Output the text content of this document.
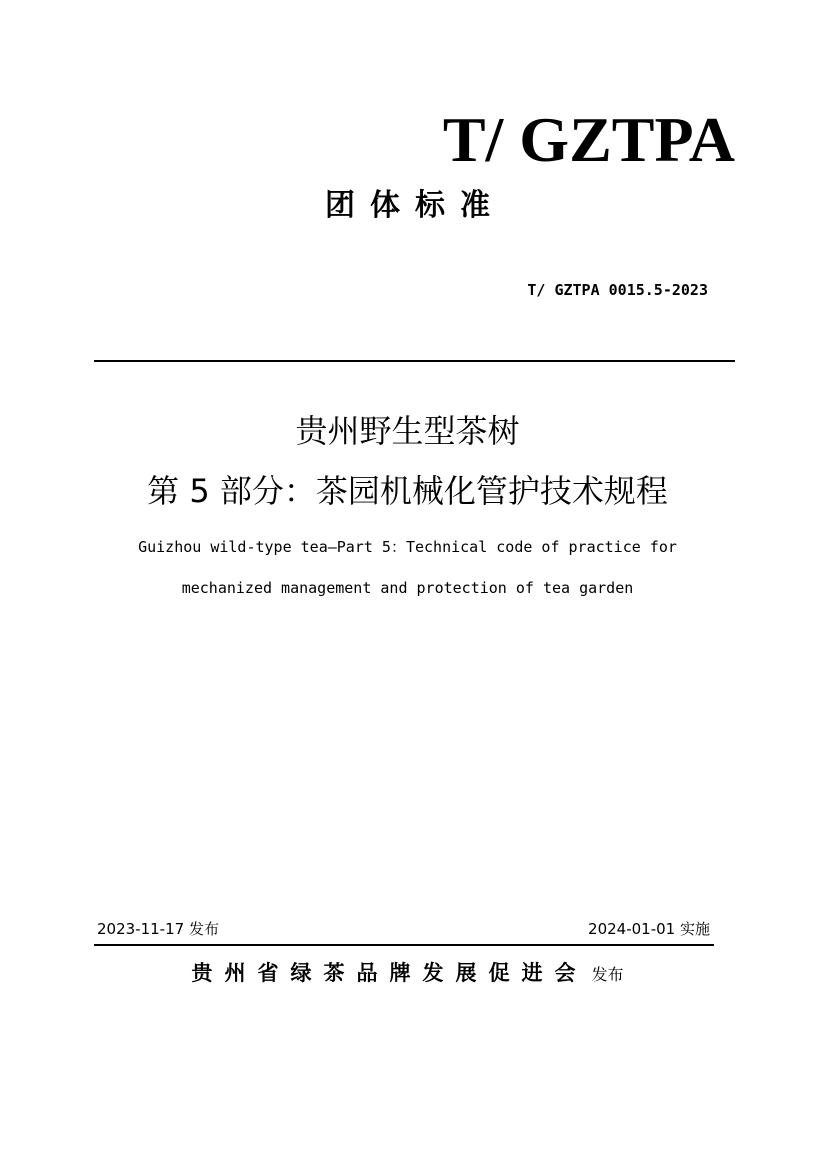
T/ GZTPA
团体标准
T/ GZTPA 0015.5-2023
贵州野生型茶树
第 5 部分：茶园机械化管护技术规程
Guizhou wild-type tea—Part 5：Technical code of practice for
mechanized management and protection of tea garden
2023-11-17 发布	2024-01-01 实施
贵州省绿茶品牌发展促进会 发布
